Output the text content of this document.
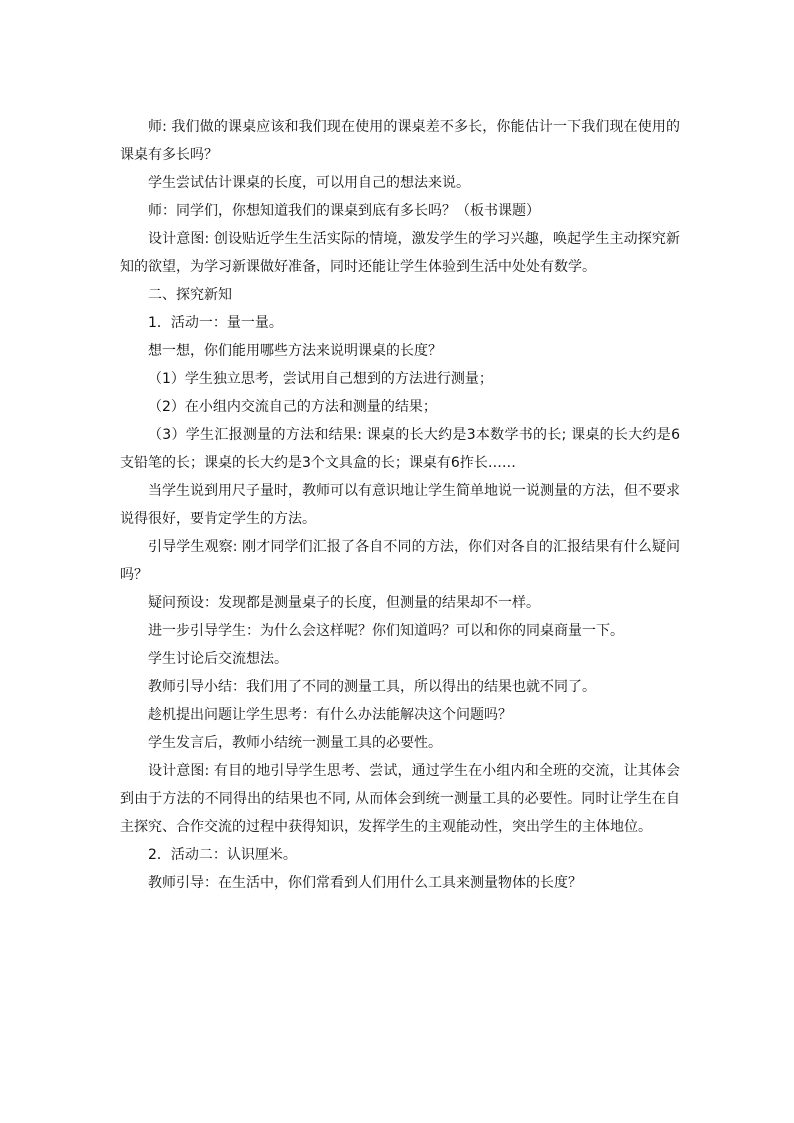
师: 我们做的课桌应该和我们现在使用的课桌差不多长，你能估计一下我们现在使用的课桌有多长吗？

学生尝试估计课桌的长度，可以用自己的想法来说。

师：同学们，你想知道我们的课桌到底有多长吗？（板书课题）

设计意图: 创设贴近学生生活实际的情境，激发学生的学习兴趣，唤起学生主动探究新知的欲望，为学习新课做好准备，同时还能让学生体验到生活中处处有数学。

二、探究新知

1．活动一：量一量。

想一想，你们能用哪些方法来说明课桌的长度？

（1）学生独立思考，尝试用自己想到的方法进行测量；

（2）在小组内交流自己的方法和测量的结果；

（3）学生汇报测量的方法和结果: 课桌的长大约是3本数学书的长; 课桌的长大约是6支铅笔的长；课桌的长大约是3个文具盒的长；课桌有6拃长……

当学生说到用尺子量时，教师可以有意识地让学生简单地说一说测量的方法，但不要求说得很好，要肯定学生的方法。

引导学生观察: 刚才同学们汇报了各自不同的方法，你们对各自的汇报结果有什么疑问吗？

疑问预设：发现都是测量桌子的长度，但测量的结果却不一样。

进一步引导学生：为什么会这样呢？你们知道吗？可以和你的同桌商量一下。

学生讨论后交流想法。

教师引导小结：我们用了不同的测量工具，所以得出的结果也就不同了。

趁机提出问题让学生思考：有什么办法能解决这个问题吗？

学生发言后，教师小结统一测量工具的必要性。

设计意图: 有目的地引导学生思考、尝试，通过学生在小组内和全班的交流，让其体会到由于方法的不同得出的结果也不同, 从而体会到统一测量工具的必要性。同时让学生在自主探究、合作交流的过程中获得知识，发挥学生的主观能动性，突出学生的主体地位。

2．活动二：认识厘米。

教师引导：在生活中，你们常看到人们用什么工具来测量物体的长度？
